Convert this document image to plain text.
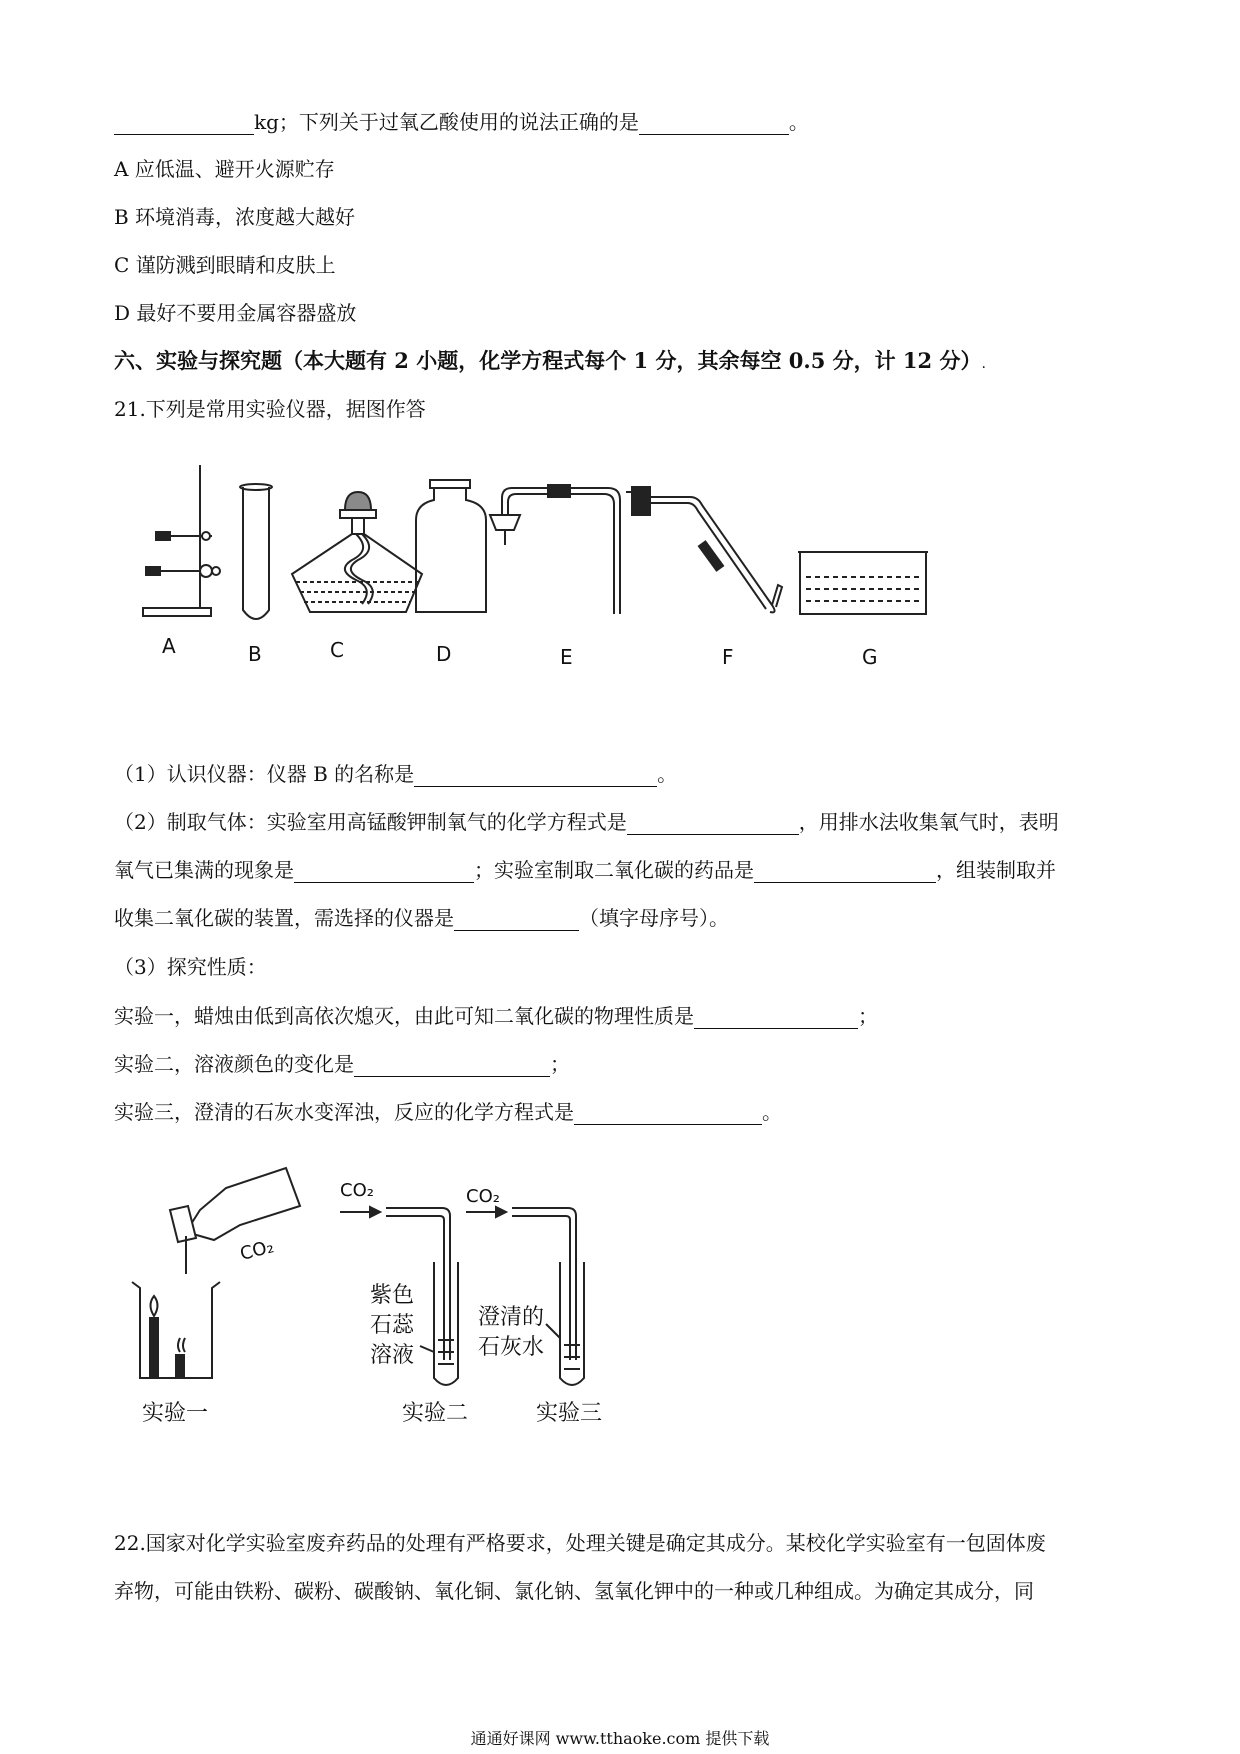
kg；下列关于过氧乙酸使用的说法正确的是	。
A 应低温、避开火源贮存
B 环境消毒，浓度越大越好
C 谨防溅到眼睛和皮肤上
D 最好不要用金属容器盛放
六、实验与探究题（本大题有 2 小题，化学方程式每个 1 分，其余每空 0.5 分，计 12 分）.
21.下列是常用实验仪器，据图作答
A	B	C	D	E	F	G
（1）认识仪器：仪器 B 的名称是	。
（2）制取气体：实验室用高锰酸钾制氧气的化学方程式是	，用排水法收集氧气时，表明
氧气已集满的现象是	；实验室制取二氧化碳的药品是	，组装制取并
收集二氧化碳的装置，需选择的仪器是	（填字母序号）。
（3）探究性质：
实验一，蜡烛由低到高依次熄灭，由此可知二氧化碳的物理性质是	；
实验二，溶液颜色的变化是	；
实验三，澄清的石灰水变浑浊，反应的化学方程式是	。
CO₂
CO₂	CO₂
紫色
石蕊
溶液
澄清的
石灰水
实验一	实验二	实验三
22.国家对化学实验室废弃药品的处理有严格要求，处理关键是确定其成分。某校化学实验室有一包固体废
弃物，可能由铁粉、碳粉、碳酸钠、氧化铜、氯化钠、氢氧化钾中的一种或几种组成。为确定其成分，同
通通好课网 www.tthaoke.com 提供下载
